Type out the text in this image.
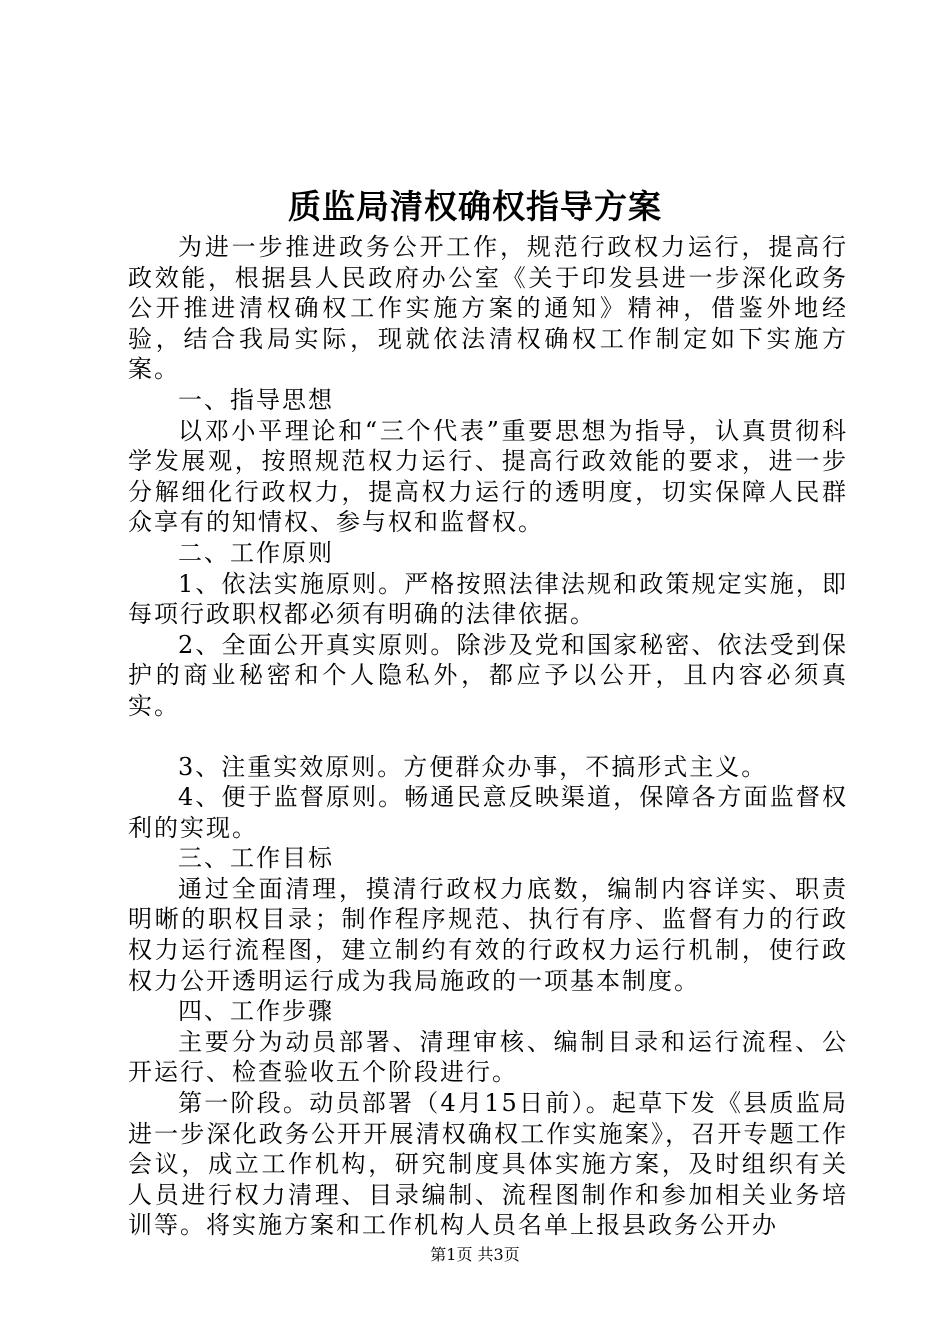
质监局清权确权指导方案

为进一步推进政务公开工作，规范行政权力运行，提高行政效能，根据县人民政府办公室《关于印发县进一步深化政务公开推进清权确权工作实施方案的通知》精神，借鉴外地经验，结合我局实际，现就依法清权确权工作制定如下实施方案。

一、指导思想

以邓小平理论和“三个代表”重要思想为指导，认真贯彻科学发展观，按照规范权力运行、提高行政效能的要求，进一步分解细化行政权力，提高权力运行的透明度，切实保障人民群众享有的知情权、参与权和监督权。

二、工作原则

1、依法实施原则。严格按照法律法规和政策规定实施，即每项行政职权都必须有明确的法律依据。

2、全面公开真实原则。除涉及党和国家秘密、依法受到保护的商业秘密和个人隐私外，都应予以公开，且内容必须真实。

3、注重实效原则。方便群众办事，不搞形式主义。

4、便于监督原则。畅通民意反映渠道，保障各方面监督权利的实现。

三、工作目标

通过全面清理，摸清行政权力底数，编制内容详实、职责明晰的职权目录；制作程序规范、执行有序、监督有力的行政权力运行流程图，建立制约有效的行政权力运行机制，使行政权力公开透明运行成为我局施政的一项基本制度。

四、工作步骤

主要分为动员部署、清理审核、编制目录和运行流程、公开运行、检查验收五个阶段进行。

第一阶段。动员部署（4月15日前）。起草下发《县质监局进一步深化政务公开开展清权确权工作实施案》，召开专题工作会议，成立工作机构，研究制度具体实施方案，及时组织有关人员进行权力清理、目录编制、流程图制作和参加相关业务培训等。将实施方案和工作机构人员名单上报县政务公开办

第1页 共3页
